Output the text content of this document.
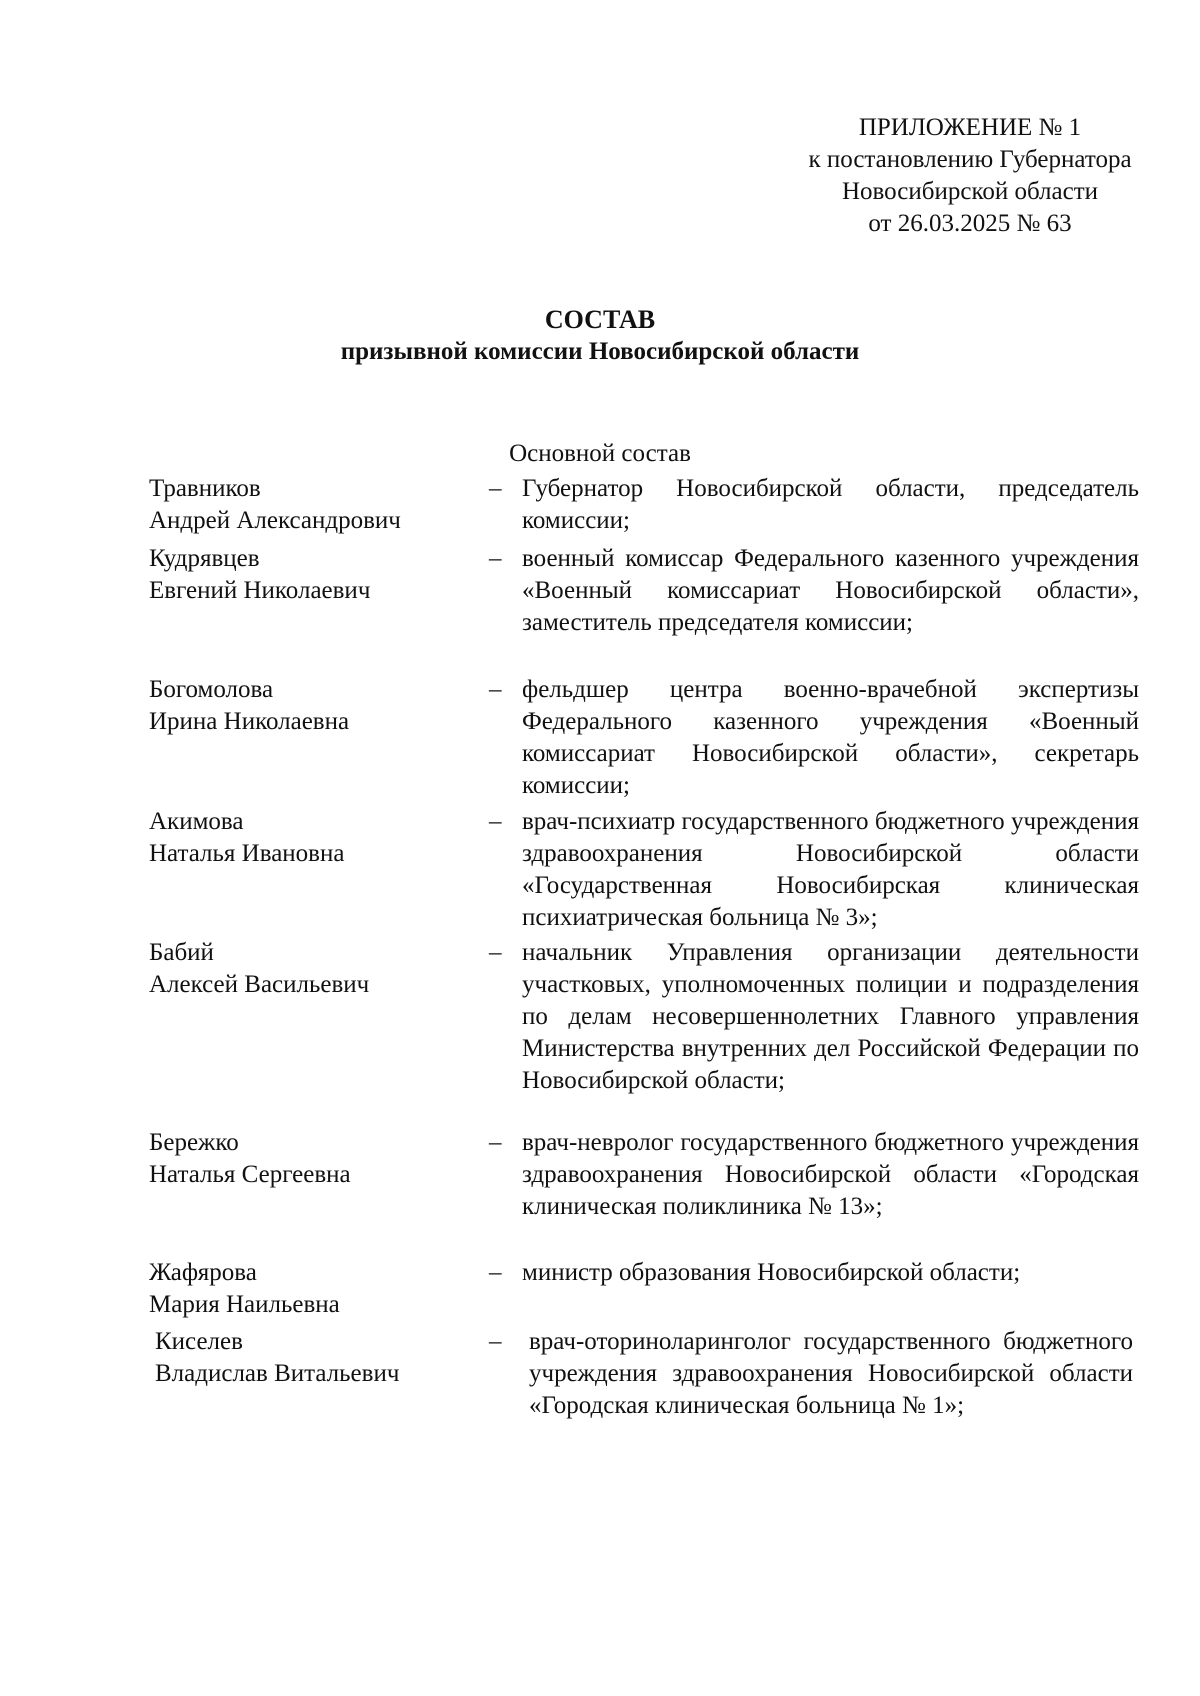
ПРИЛОЖЕНИЕ № 1
к постановлению Губернатора
Новосибирской области
от 26.03.2025 № 63
СОСТАВ
призывной комиссии Новосибирской области
Основной состав
Травников
Андрей Александрович
– Губернатор Новосибирской области, председатель комиссии;
Кудрявцев
Евгений Николаевич
– военный комиссар Федерального казенного учреждения «Военный комиссариат Новосибирской области», заместитель председателя комиссии;
Богомолова
Ирина Николаевна
– фельдшер центра военно-врачебной экспертизы Федерального казенного учреждения «Военный комиссариат Новосибирской области», секретарь комиссии;
Акимова
Наталья Ивановна
– врач-психиатр государственного бюджетного учреждения здравоохранения Новосибирской области «Государственная Новосибирская клиническая психиатрическая больница № 3»;
Бабий
Алексей Васильевич
– начальник Управления организации деятельности участковых, уполномоченных полиции и подразделения по делам несовершеннолетних Главного управления Министерства внутренних дел Российской Федерации по Новосибирской области;
Бережко
Наталья Сергеевна
– врач-невролог государственного бюджетного учреждения здравоохранения Новосибирской области «Городская клиническая поликлиника № 13»;
Жафярова
Мария Наильевна
– министр образования Новосибирской области;
Киселев
Владислав Витальевич
– врач-оториноларинголог государственного бюджетного учреждения здравоохранения Новосибирской области «Городская клиническая больница № 1»;
